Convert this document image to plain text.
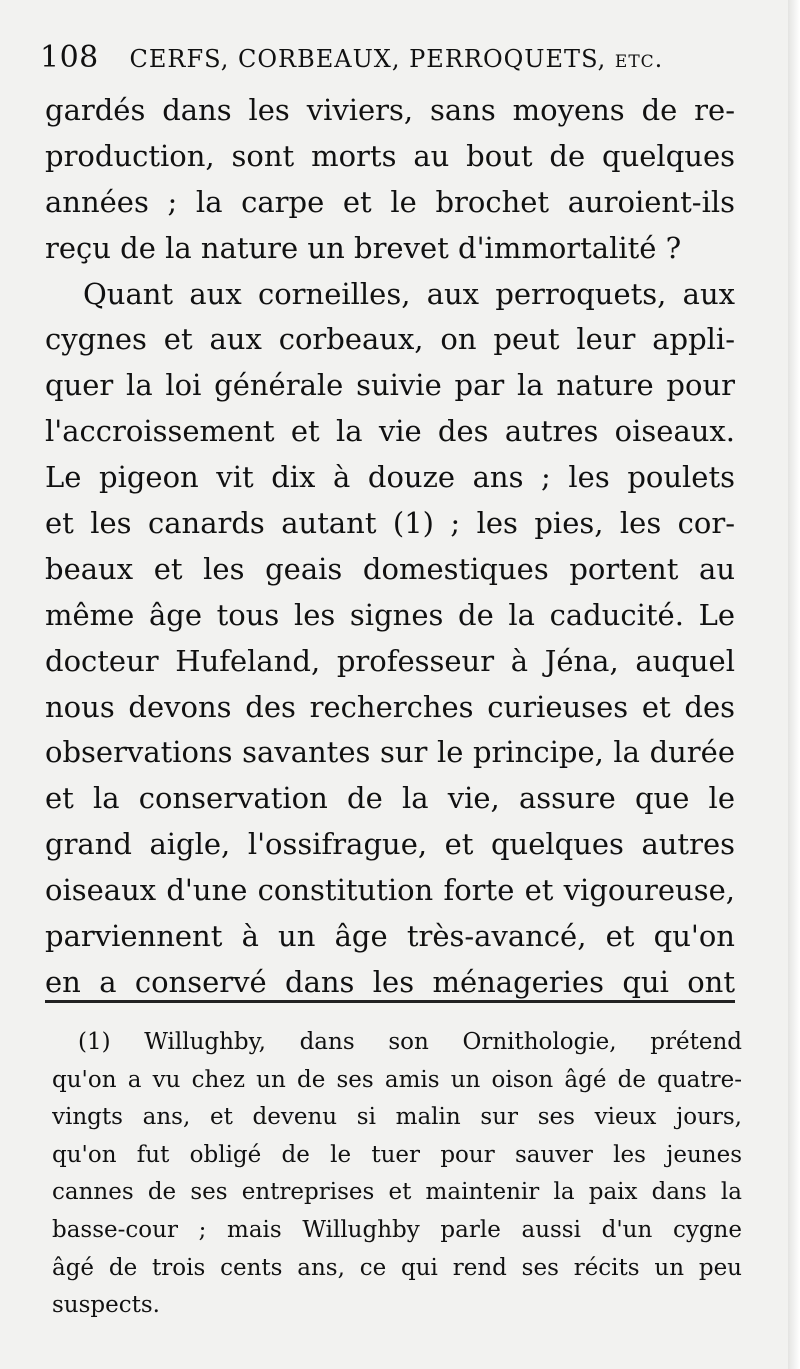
108 CERFS, CORBEAUX, PERROQUETS, etc.
gardés dans les viviers, sans moyens de re-
production, sont morts au bout de quelques
années ; la carpe et le brochet auroient-ils
reçu de la nature un brevet d'immortalité ?
Quant aux corneilles, aux perroquets, aux
cygnes et aux corbeaux, on peut leur appli-
quer la loi générale suivie par la nature pour
l'accroissement et la vie des autres oiseaux.
Le pigeon vit dix à douze ans ; les poulets
et les canards autant (1) ; les pies, les cor-
beaux et les geais domestiques portent au
même âge tous les signes de la caducité. Le
docteur Hufeland, professeur à Jéna, auquel
nous devons des recherches curieuses et des
observations savantes sur le principe, la durée
et la conservation de la vie, assure que le
grand aigle, l'ossifrague, et quelques autres
oiseaux d'une constitution forte et vigoureuse,
parviennent à un âge très-avancé, et qu'on
en a conservé dans les ménageries qui ont
(1) Willughby, dans son Ornithologie, prétend
qu'on a vu chez un de ses amis un oison âgé de quatre-
vingts ans, et devenu si malin sur ses vieux jours,
qu'on fut obligé de le tuer pour sauver les jeunes
cannes de ses entreprises et maintenir la paix dans la
basse-cour ; mais Willughby parle aussi d'un cygne
âgé de trois cents ans, ce qui rend ses récits un peu
suspects.
